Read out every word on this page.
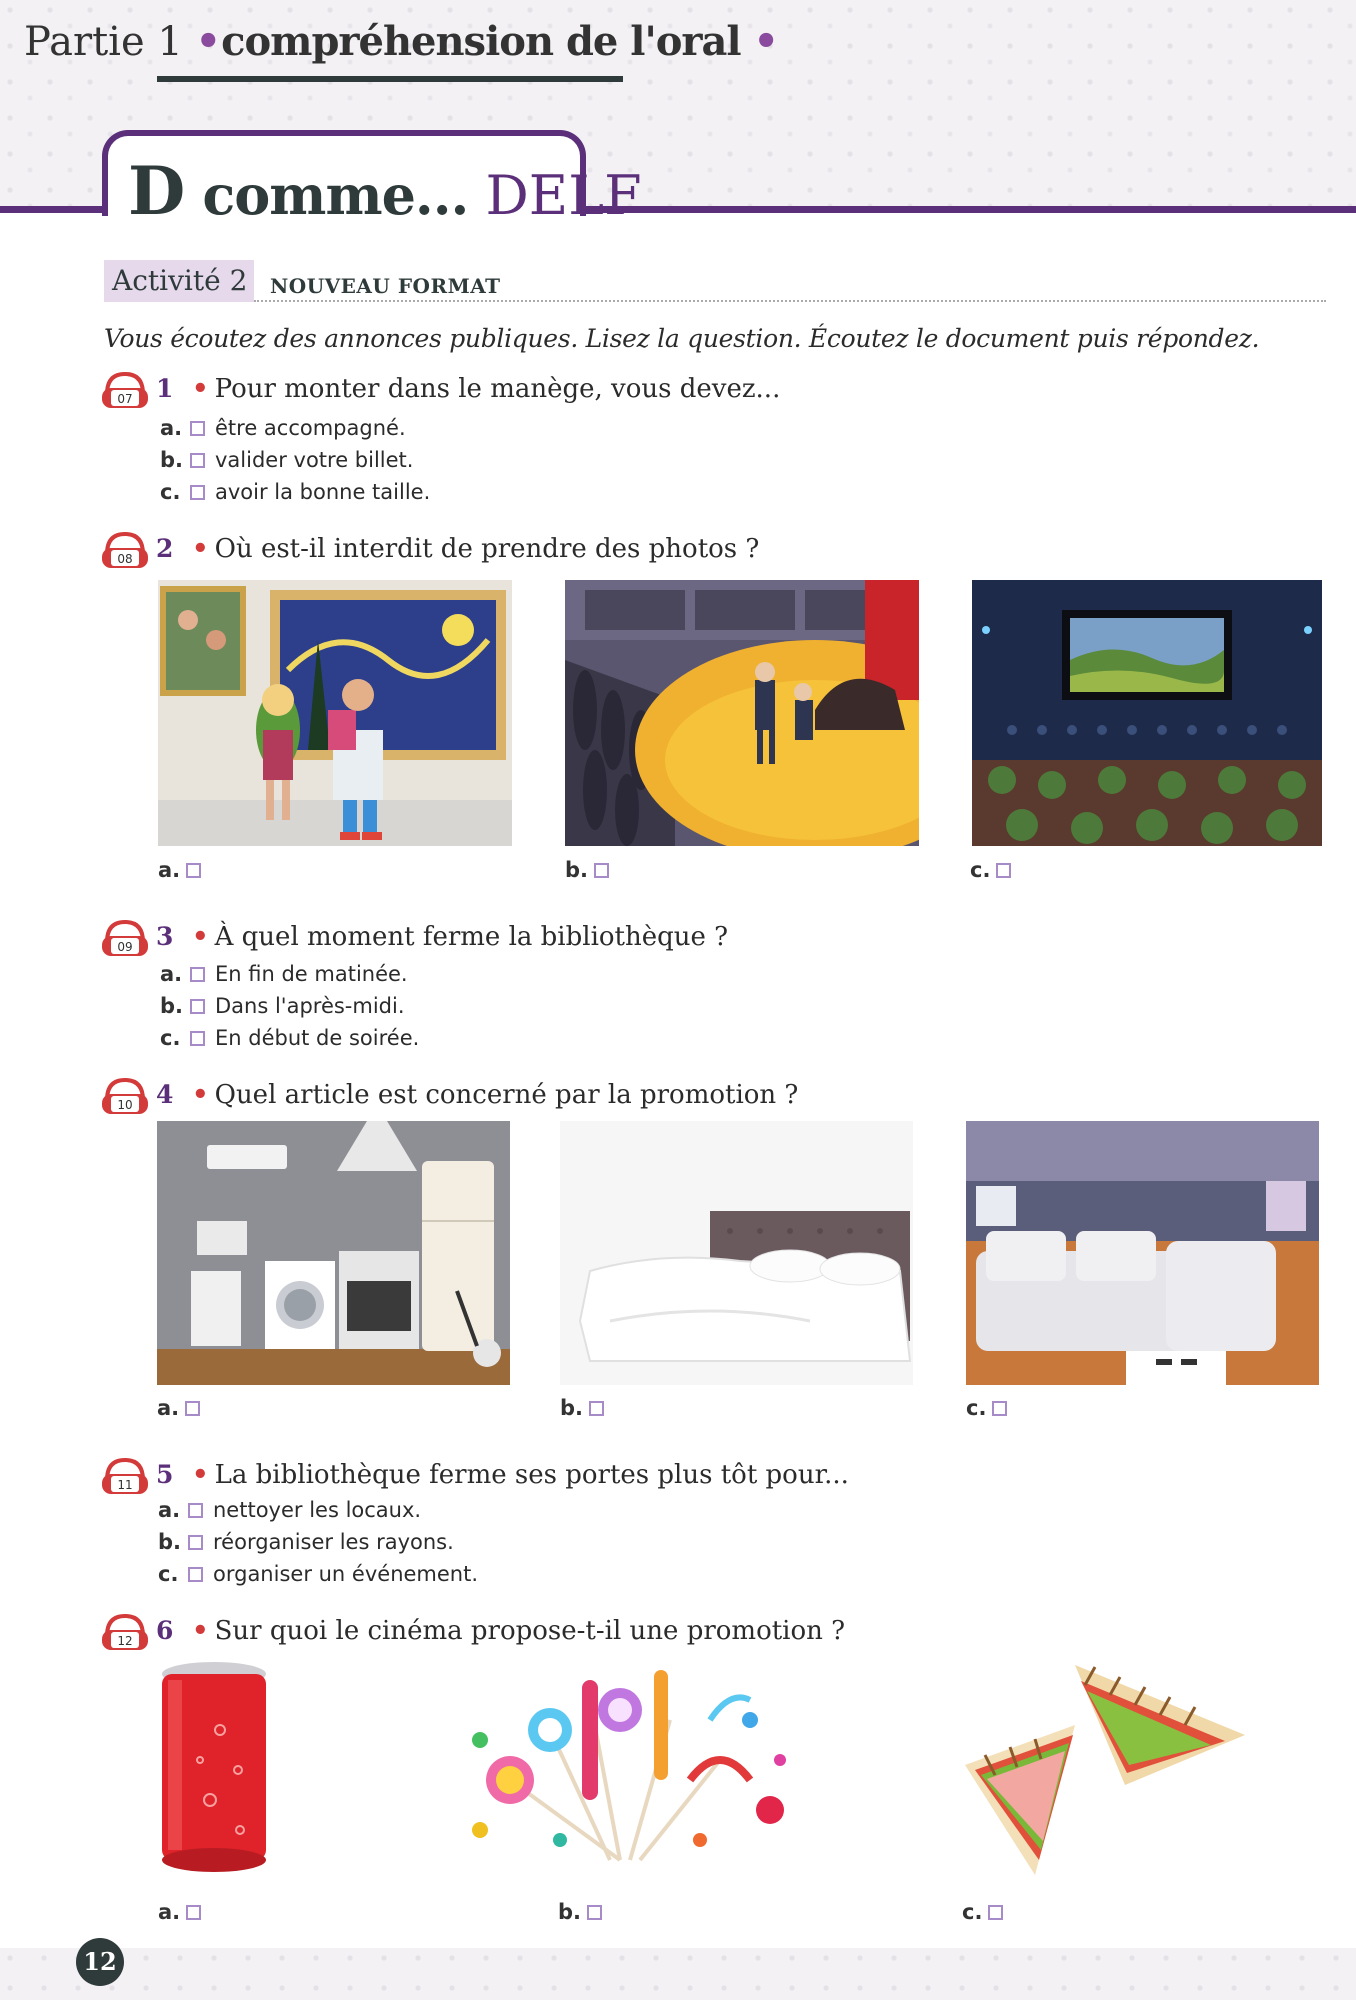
Partie 1 •compréhension de l'oral •
D comme... DELF
Activité 2 NOUVEAU FORMAT
Vous écoutez des annonces publiques. Lisez la question. Écoutez le document puis répondez.
07 1 • Pour monter dans le manège, vous devez...
a. être accompagné.
b. valider votre billet.
c. avoir la bonne taille.
08 2 • Où est-il interdit de prendre des photos ?
a.	b.	c.
09 3 • À quel moment ferme la bibliothèque ?
a. En fin de matinée.
b. Dans l'après-midi.
c. En début de soirée.
10 4 • Quel article est concerné par la promotion ?
a.	b.	c.
11 5 • La bibliothèque ferme ses portes plus tôt pour...
a. nettoyer les locaux.
b. réorganiser les rayons.
c. organiser un événement.
12 6 • Sur quoi le cinéma propose-t-il une promotion ?
a.	b.	c.
12
